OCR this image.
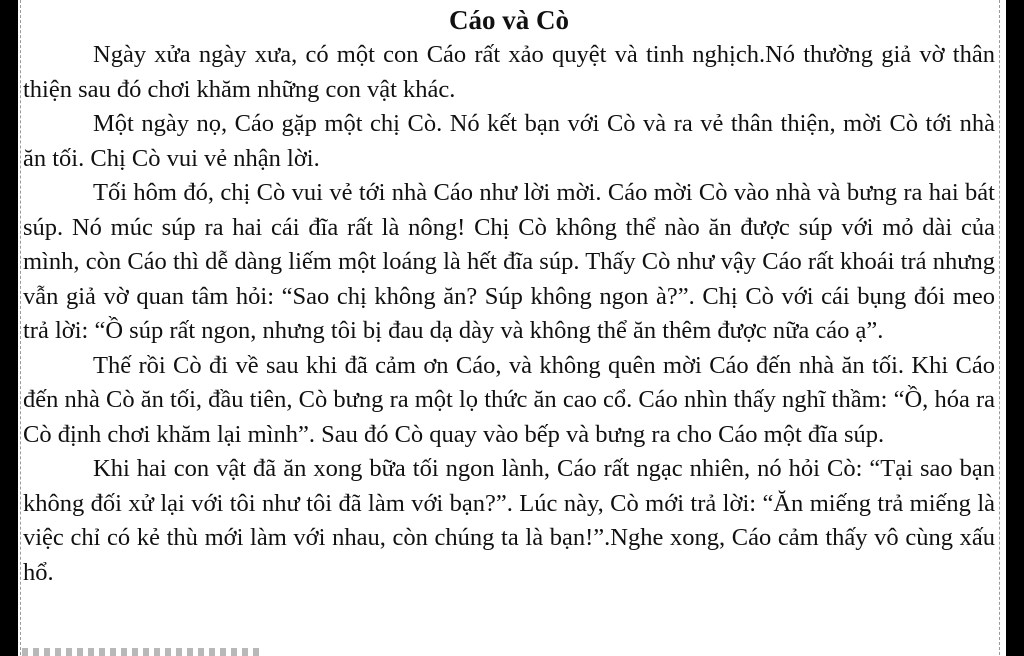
Cáo và Cò

Ngày xửa ngày xưa, có một con Cáo rất xảo quyệt và tinh nghịch.Nó thường giả vờ thân thiện sau đó chơi khăm những con vật khác.

Một ngày nọ, Cáo gặp một chị Cò. Nó kết bạn với Cò và ra vẻ thân thiện, mời Cò tới nhà ăn tối. Chị Cò vui vẻ nhận lời.

Tối hôm đó, chị Cò vui vẻ tới nhà Cáo như lời mời. Cáo mời Cò vào nhà và bưng ra hai bát súp. Nó múc súp ra hai cái đĩa rất là nông! Chị Cò không thể nào ăn được súp với mỏ dài của mình, còn Cáo thì dễ dàng liếm một loáng là hết đĩa súp. Thấy Cò như vậy Cáo rất khoái trá nhưng vẫn giả vờ quan tâm hỏi: “Sao chị không ăn? Súp không ngon à?”. Chị Cò với cái bụng đói meo trả lời: “Ồ súp rất ngon, nhưng tôi bị đau dạ dày và không thể ăn thêm được nữa cáo ạ”.

Thế rồi Cò đi về sau khi đã cảm ơn Cáo, và không quên mời Cáo đến nhà ăn tối. Khi Cáo đến nhà Cò ăn tối, đầu tiên, Cò bưng ra một lọ thức ăn cao cổ. Cáo nhìn thấy nghĩ thầm: “Ồ, hóa ra Cò định chơi khăm lại mình”. Sau đó Cò quay vào bếp và bưng ra cho Cáo một đĩa súp.

Khi hai con vật đã ăn xong bữa tối ngon lành, Cáo rất ngạc nhiên, nó hỏi Cò: “Tại sao bạn không đối xử lại với tôi như tôi đã làm với bạn?”. Lúc này, Cò mới trả lời: “Ăn miếng trả miếng là việc chỉ có kẻ thù mới làm với nhau, còn chúng ta là bạn!”.Nghe xong, Cáo cảm thấy vô cùng xấu hổ.
